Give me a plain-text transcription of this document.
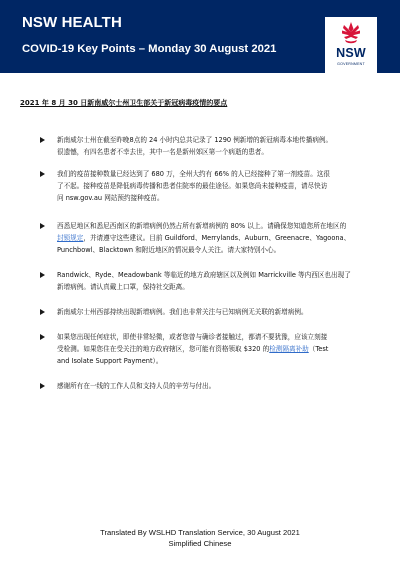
NSW HEALTH
COVID-19 Key Points – Monday 30 August 2021	NSW
GOVERNMENT
2021 年 8 月 30 日新南威尔士州卫生部关于新冠病毒疫情的要点
新南威尔士州在截至昨晚8点的 24 小时内总共记录了 1290 例新增的新冠病毒本地传播病例。
很遗憾，有四名患者不幸去世，其中一名是新州郊区第一个病逝的患者。
我们的疫苗接种数量已经达到了 680 万，全州大约有 66% 的人已经接种了第一剂疫苗。这很
了不起。接种疫苗是降低病毒传播和患者住院率的最佳途径。如果您尚未接种疫苗，请尽快访
问 nsw.gov.au 网站预约接种疫苗。
西悉尼地区和悉尼西南区的新增病例仍然占所有新增病例的 80% 以上。请确保您知道您所在地区的
封锁规定，并请遵守这些建议。目前 Guildford、Merrylands、Auburn、Greenacre、Yagoona、
Punchbowl、Blacktown 和附近地区的情况最令人关注。请大家特别小心。
Randwick、Ryde、Meadowbank 等临近的地方政府辖区以及例如 Marrickville 等内西区也出现了
新增病例。请认真戴上口罩，保持社交距离。
新南威尔士州西部持续出现新增病例。我们也非常关注与已知病例无关联的新增病例。
如果您出现任何症状，即使非常轻微，或者您曾与确诊者接触过，都请不要犹豫，应该立刻接
受检测。如果您住在受关注的地方政府辖区，您可能有资格领取 $320 的检测隔离补助（Test
and Isolate Support Payment）。
感谢所有在一线的工作人员和支持人员的辛劳与付出。
Translated By WSLHD Translation Service, 30 August 2021
Simplified Chinese
